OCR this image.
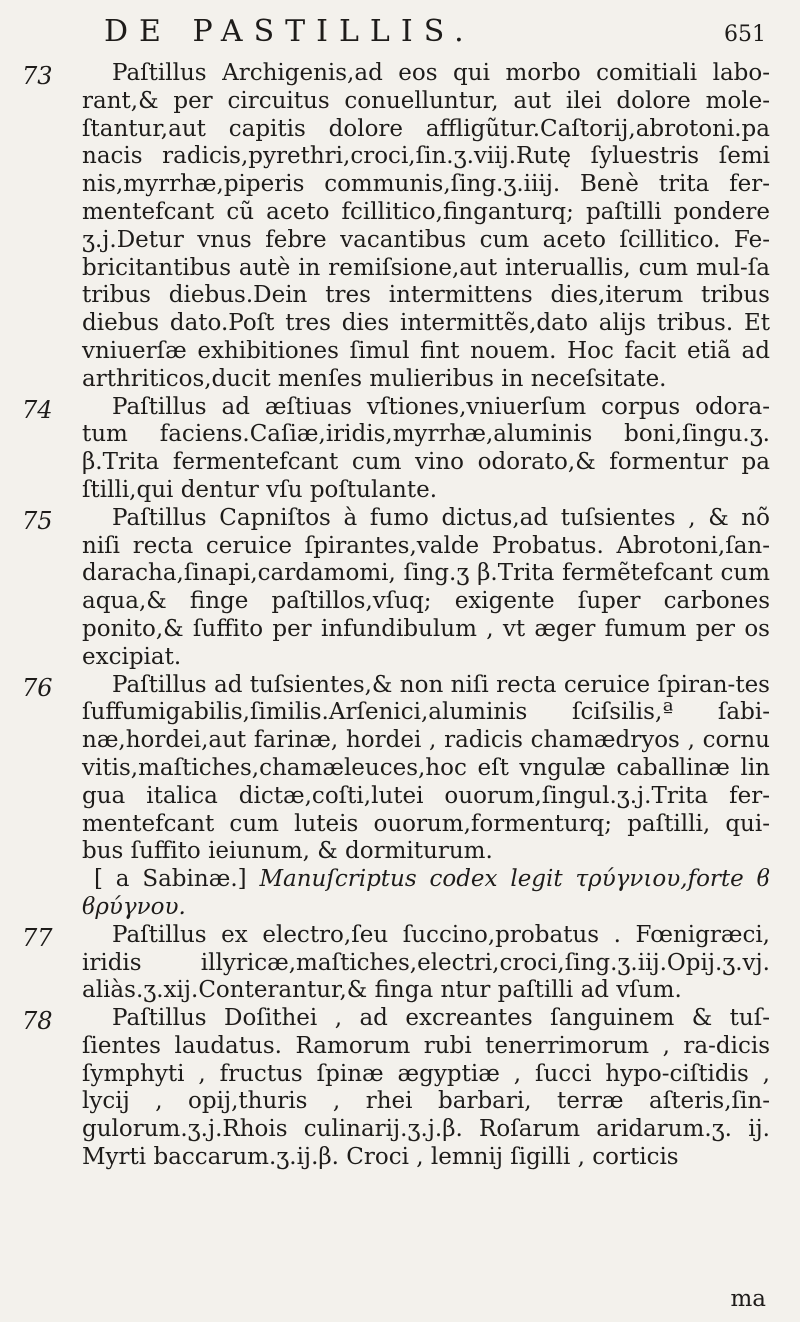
DE PASTILLIS.	651
73	Paſtillus Archigenis,ad eos qui morbo comitiali labo-rant,& per circuitus conuelluntur, aut ilei dolore mole-ſtantur,aut capitis dolore affligũtur.Caſtorij,abrotoni.pa nacis radicis,pyrethri,croci,ſin.ʒ.viij.Rutę ſyluestris ſemi nis,myrrhæ,piperis communis,ſing.ʒ.iiij. Benè trita fer-mentefcant cũ aceto fcillitico,finganturq; paſtilli pondere ʒ.j.Detur vnus febre vacantibus cum aceto ſcillitico. Fe-bricitantibus autè in remiſsione,aut interuallis, cum mul-ſa tribus diebus.Dein tres intermittens dies,iterum tribus diebus dato.Poſt tres dies intermittẽs,dato alijs tribus. Et vniuerſæ exhibitiones ſimul fint nouem. Hoc facit etiã ad arthriticos,ducit menſes mulieribus in neceſsitate.

74	Paſtillus ad æſtiuas vſtiones,vniuerſum corpus odora-tum faciens.Caſiæ,iridis,myrrhæ,aluminis boni,ſingu.ʒ. β.Trita fermentefcant cum vino odorato,& formentur pa ſtilli,qui dentur vſu poſtulante.

75	Paſtillus Capniſtos à fumo dictus,ad tuſsientes , & nõ niſi recta ceruice ſpirantes,valde Probatus. Abrotoni,ſan-daracha,ſinapi,cardamomi, ſing.ʒ β.Trita fermẽtefcant cum aqua,& finge paſtillos,vſuq; exigente ſuper carbones ponito,& ſuffito per infundibulum , vt æger fumum per os excipiat.

76	Paſtillus ad tuſsientes,& non niſi recta ceruice ſpiran-tes ſuffumigabilis,ſimilis.Arſenici,aluminis ſciſsilis,ª ſabi-næ,hordei,aut farinæ, hordei , radicis chamædryos , cornu vitis,maſtiches,chamæleuces,hoc eſt vngulæ caballinæ lin gua italica dictæ,coſti,lutei ouorum,ſingul.ʒ.j.Trita fer-mentefcant cum luteis ouorum,formenturq; paſtilli, qui-bus ſuffito ieiunum, & dormiturum.

[ a Sabinæ.] Manuſcriptus codex legit τρύγνιου,forte ϐ ϐρύγνου.

77	Paſtillus ex electro,ſeu ſuccino,probatus . Fœnigræci, iridis illyricæ,maſtiches,electri,croci,ſing.ʒ.iij.Opij.ʒ.vj. aliàs.ʒ.xij.Conterantur,& finga ntur paſtilli ad vſum.

78	Paſtillus Doſithei , ad excreantes ſanguinem & tuſ-ſientes laudatus. Ramorum rubi tenerrimorum , ra-dicis ſymphyti , fructus ſpinæ ægyptiæ , ſucci hypo-ciſtidis , lycij , opij,thuris , rhei barbari, terræ aſteris,ſin-gulorum.ʒ.j.Rhois culinarij.ʒ.j.β. Roſarum aridarum.ʒ. ij. Myrti baccarum.ʒ.ij.β. Croci , lemnij ſigilli , corticis

ma
